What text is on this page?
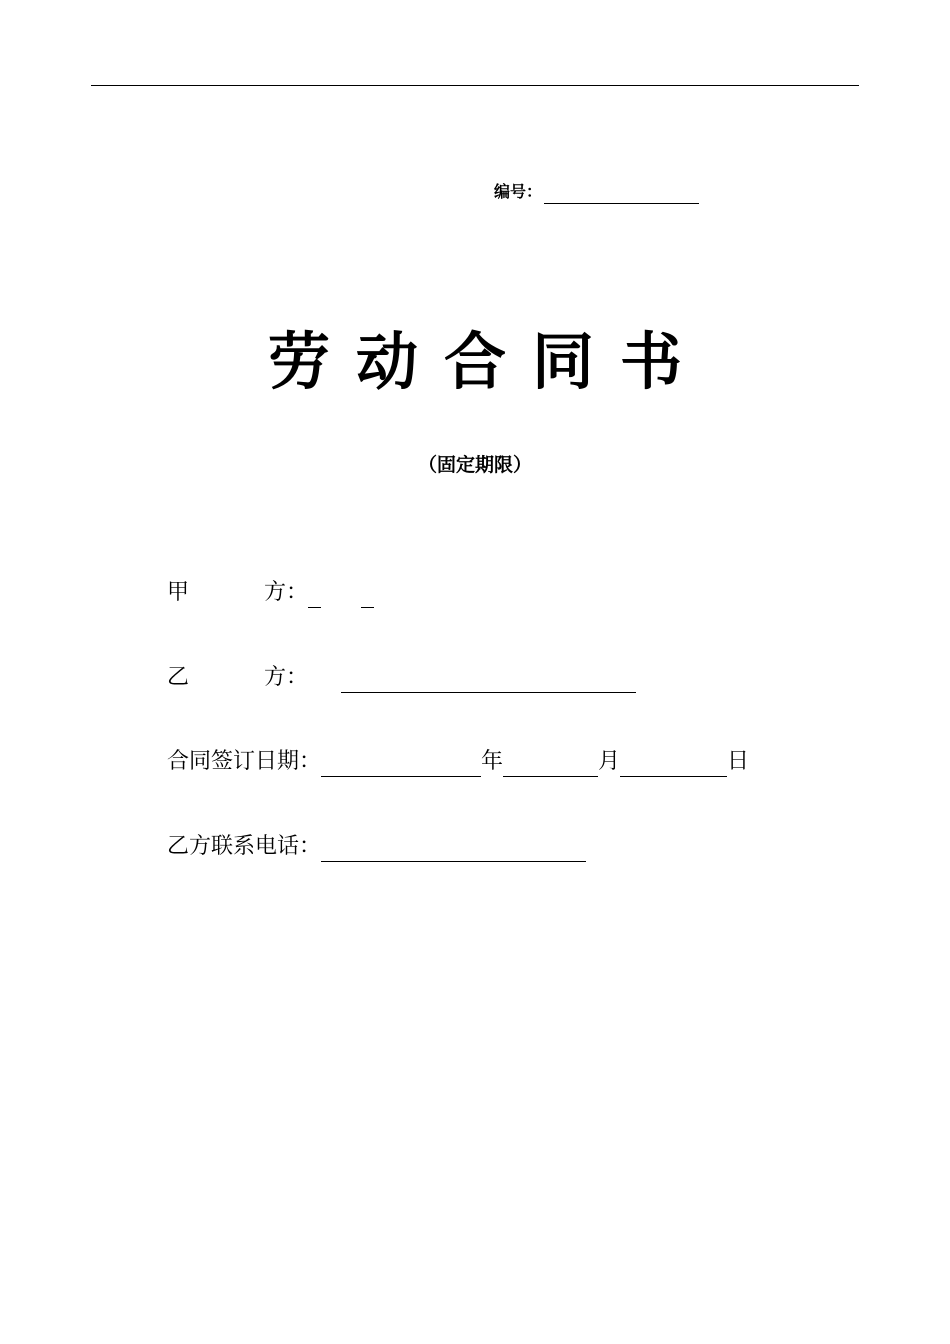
编号：
劳动合同书
（固定期限）
甲	方：
乙	方：
合同签订日期：	年	月	日
乙方联系电话：
